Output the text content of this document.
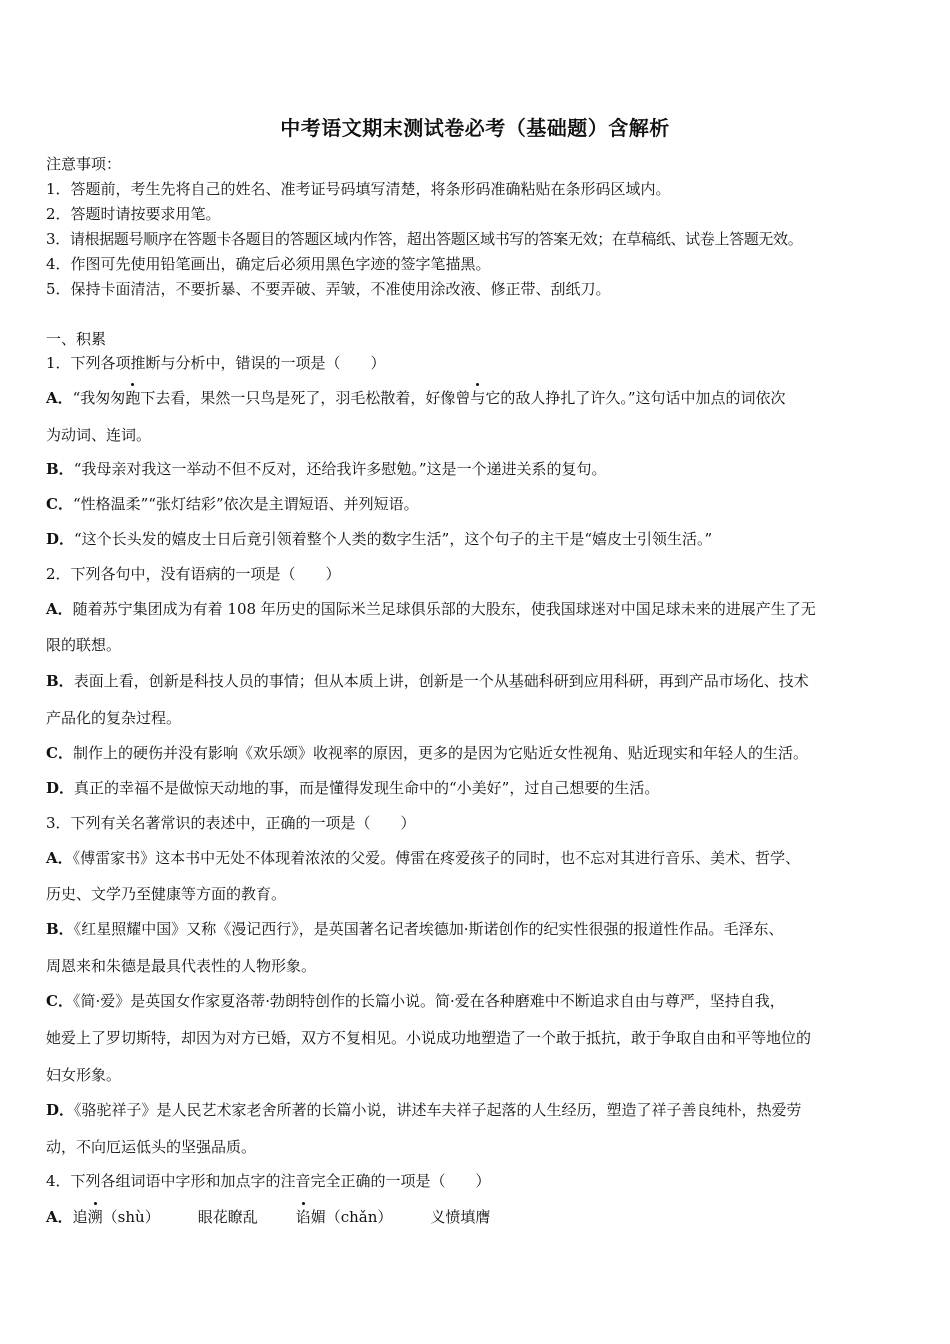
中考语文期末测试卷必考（基础题）含解析
注意事项：
1．答题前，考生先将自己的姓名、准考证号码填写清楚，将条形码准确粘贴在条形码区域内。
2．答题时请按要求用笔。
3．请根据题号顺序在答题卡各题目的答题区域内作答，超出答题区域书写的答案无效；在草稿纸、试卷上答题无效。
4．作图可先使用铅笔画出，确定后必须用黑色字迹的签字笔描黑。
5．保持卡面清洁，不要折暴、不要弄破、弄皱，不准使用涂改液、修正带、刮纸刀。
一、积累
1．下列各项推断与分析中，错误的一项是（　　）
A．“我匆匆跑下去看，果然一只鸟是死了，羽毛松散着，好像曾与它的敌人挣扎了许久。”这句话中加点的词依次
为动词、连词。
B．“我母亲对我这一举动不但不反对，还给我许多慰勉。”这是一个递进关系的复句。
C．“性格温柔”“张灯结彩”依次是主谓短语、并列短语。
D．“这个长头发的嬉皮士日后竟引领着整个人类的数字生活”，这个句子的主干是“嬉皮士引领生活。”
2．下列各句中，没有语病的一项是（　　）
A．随着苏宁集团成为有着 108 年历史的国际米兰足球俱乐部的大股东，使我国球迷对中国足球未来的进展产生了无
限的联想。
B．表面上看，创新是科技人员的事情；但从本质上讲，创新是一个从基础科研到应用科研，再到产品市场化、技术
产品化的复杂过程。
C．制作上的硬伤并没有影响《欢乐颂》收视率的原因，更多的是因为它贴近女性视角、贴近现实和年轻人的生活。
D．真正的幸福不是做惊天动地的事，而是懂得发现生命中的“小美好”，过自己想要的生活。
3．下列有关名著常识的表述中，正确的一项是（　　）
A．《傅雷家书》这本书中无处不体现着浓浓的父爱。傅雷在疼爱孩子的同时，也不忘对其进行音乐、美术、哲学、
历史、文学乃至健康等方面的教育。
B．《红星照耀中国》又称《漫记西行》，是英国著名记者埃德加·斯诺创作的纪实性很强的报道性作品。毛泽东、
周恩来和朱德是最具代表性的人物形象。
C．《简·爱》是英国女作家夏洛蒂·勃朗特创作的长篇小说。简·爱在各种磨难中不断追求自由与尊严，坚持自我，
她爱上了罗切斯特，却因为对方已婚，双方不复相见。小说成功地塑造了一个敢于抵抗，敢于争取自由和平等地位的
妇女形象。
D．《骆驼祥子》是人民艺术家老舍所著的长篇小说，讲述车夫祥子起落的人生经历，塑造了祥子善良纯朴，热爱劳
动，不向厄运低头的坚强品质。
4．下列各组词语中字形和加点字的注音完全正确的一项是（　　）
A．追溯（shù）	眼花瞭乱	谄媚（chǎn）	义愤填膺
